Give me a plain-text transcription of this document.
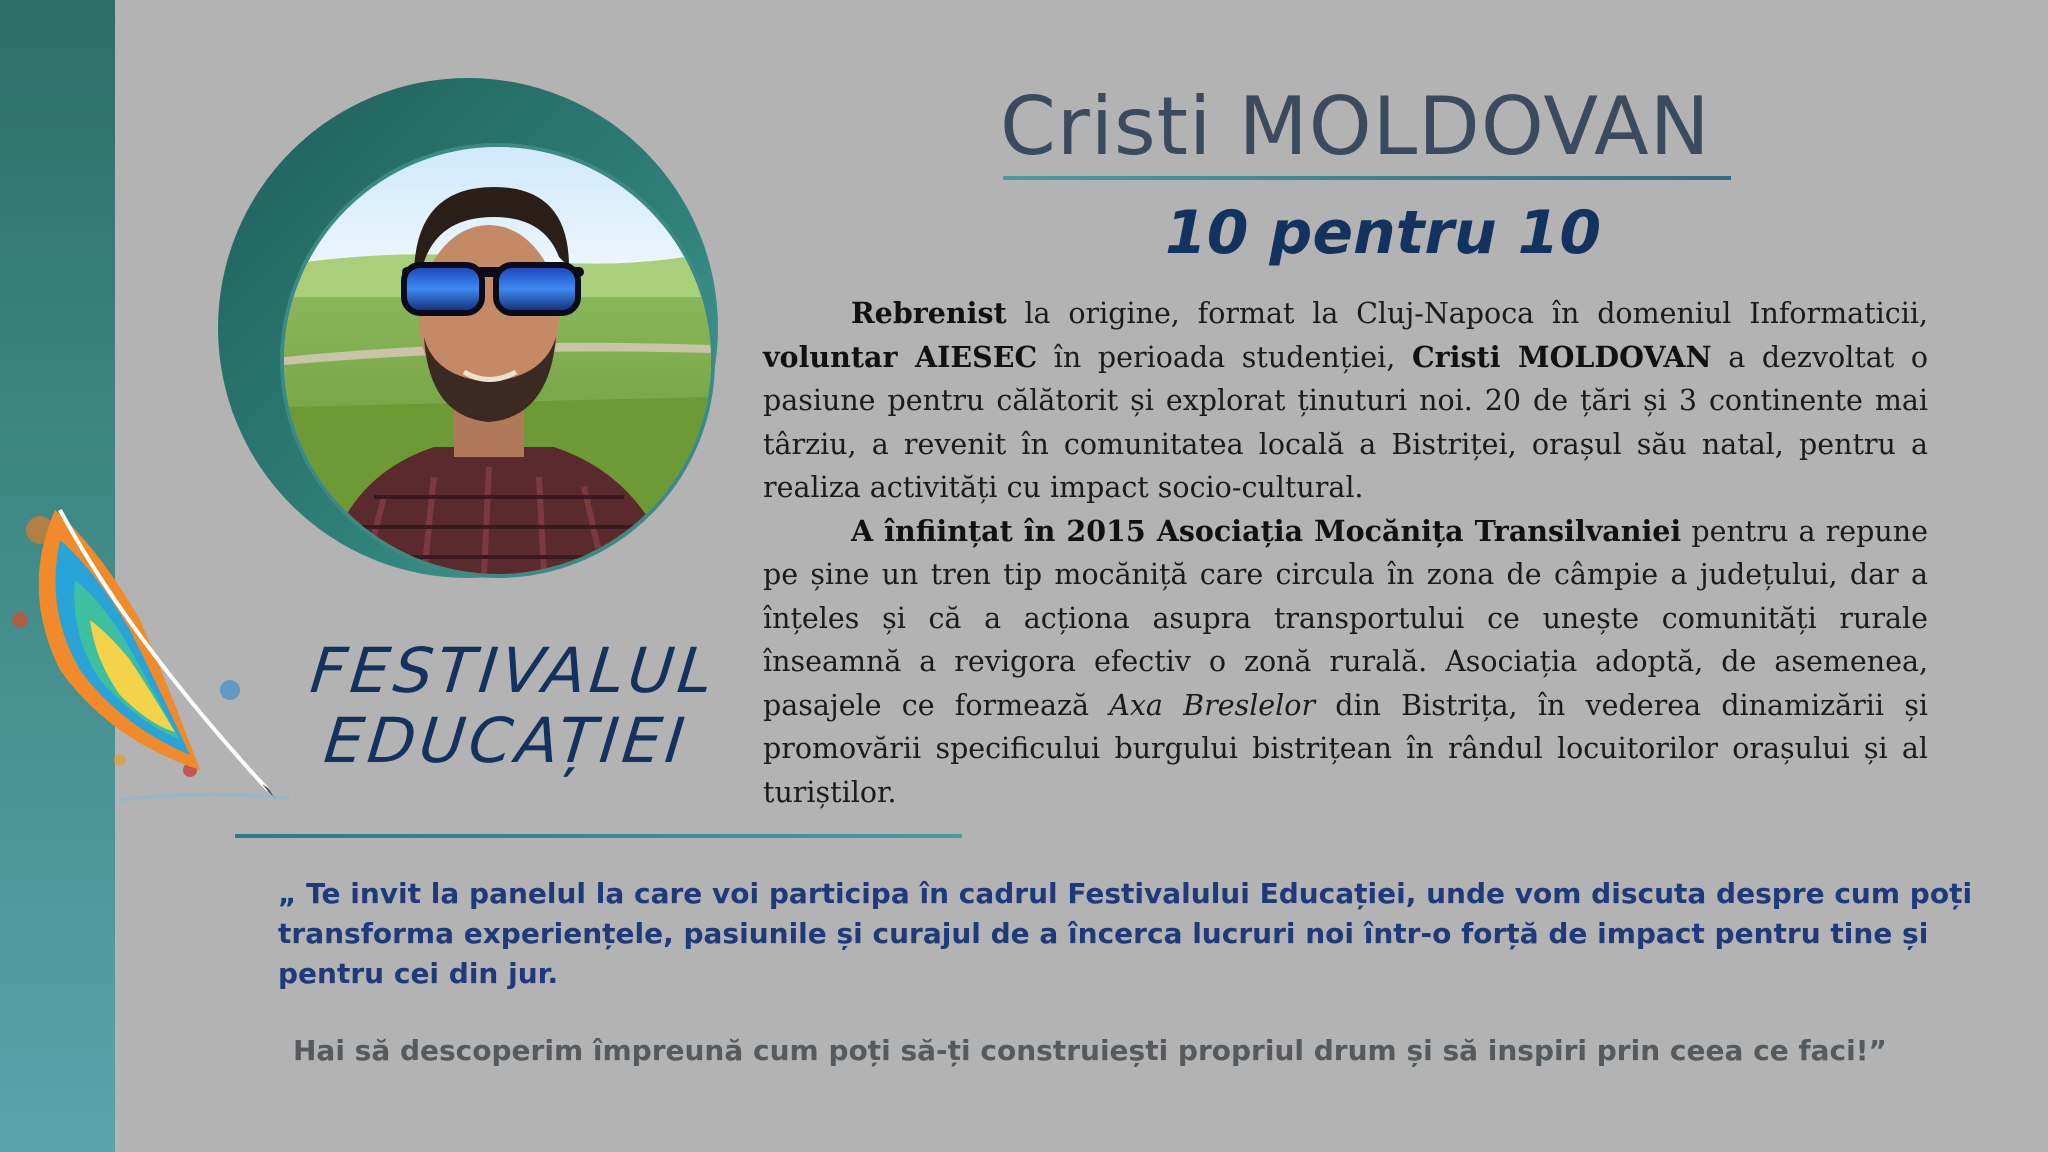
Cristi MOLDOVAN
10 pentru 10

Rebrenist la origine, format la Cluj-Napoca în domeniul Informaticii, voluntar AIESEC în perioada studenției, Cristi MOLDOVAN a dezvoltat o pasiune pentru călătorit și explorat ținuturi noi. 20 de țări și 3 continente mai târziu, a revenit în comunitatea locală a Bistriței, orașul său natal, pentru a realiza activități cu impact socio-cultural.

A înființat în 2015 Asociația Mocănița Transilvaniei pentru a repune pe șine un tren tip mocăniță care circula în zona de câmpie a județului, dar a înțeles și că a acționa asupra transportului ce unește comunități rurale înseamnă a revigora efectiv o zonă rurală. Asociația adoptă, de asemenea, pasajele ce formează Axa Breslelor din Bistrița, în vederea dinamizării și promovării specificului burgului bistrițean în rândul locuitorilor orașului și al turiștilor.

FESTIVALUL
EDUCAȚIEI
„ Te invit la panelul la care voi participa în cadrul Festivalului Educației, unde vom discuta despre cum poți transforma experiențele, pasiunile și curajul de a încerca lucruri noi într-o forță de impact pentru tine și pentru cei din jur.
Hai să descoperim împreună cum poți să-ți construiești propriul drum și să inspiri prin ceea ce faci!”
